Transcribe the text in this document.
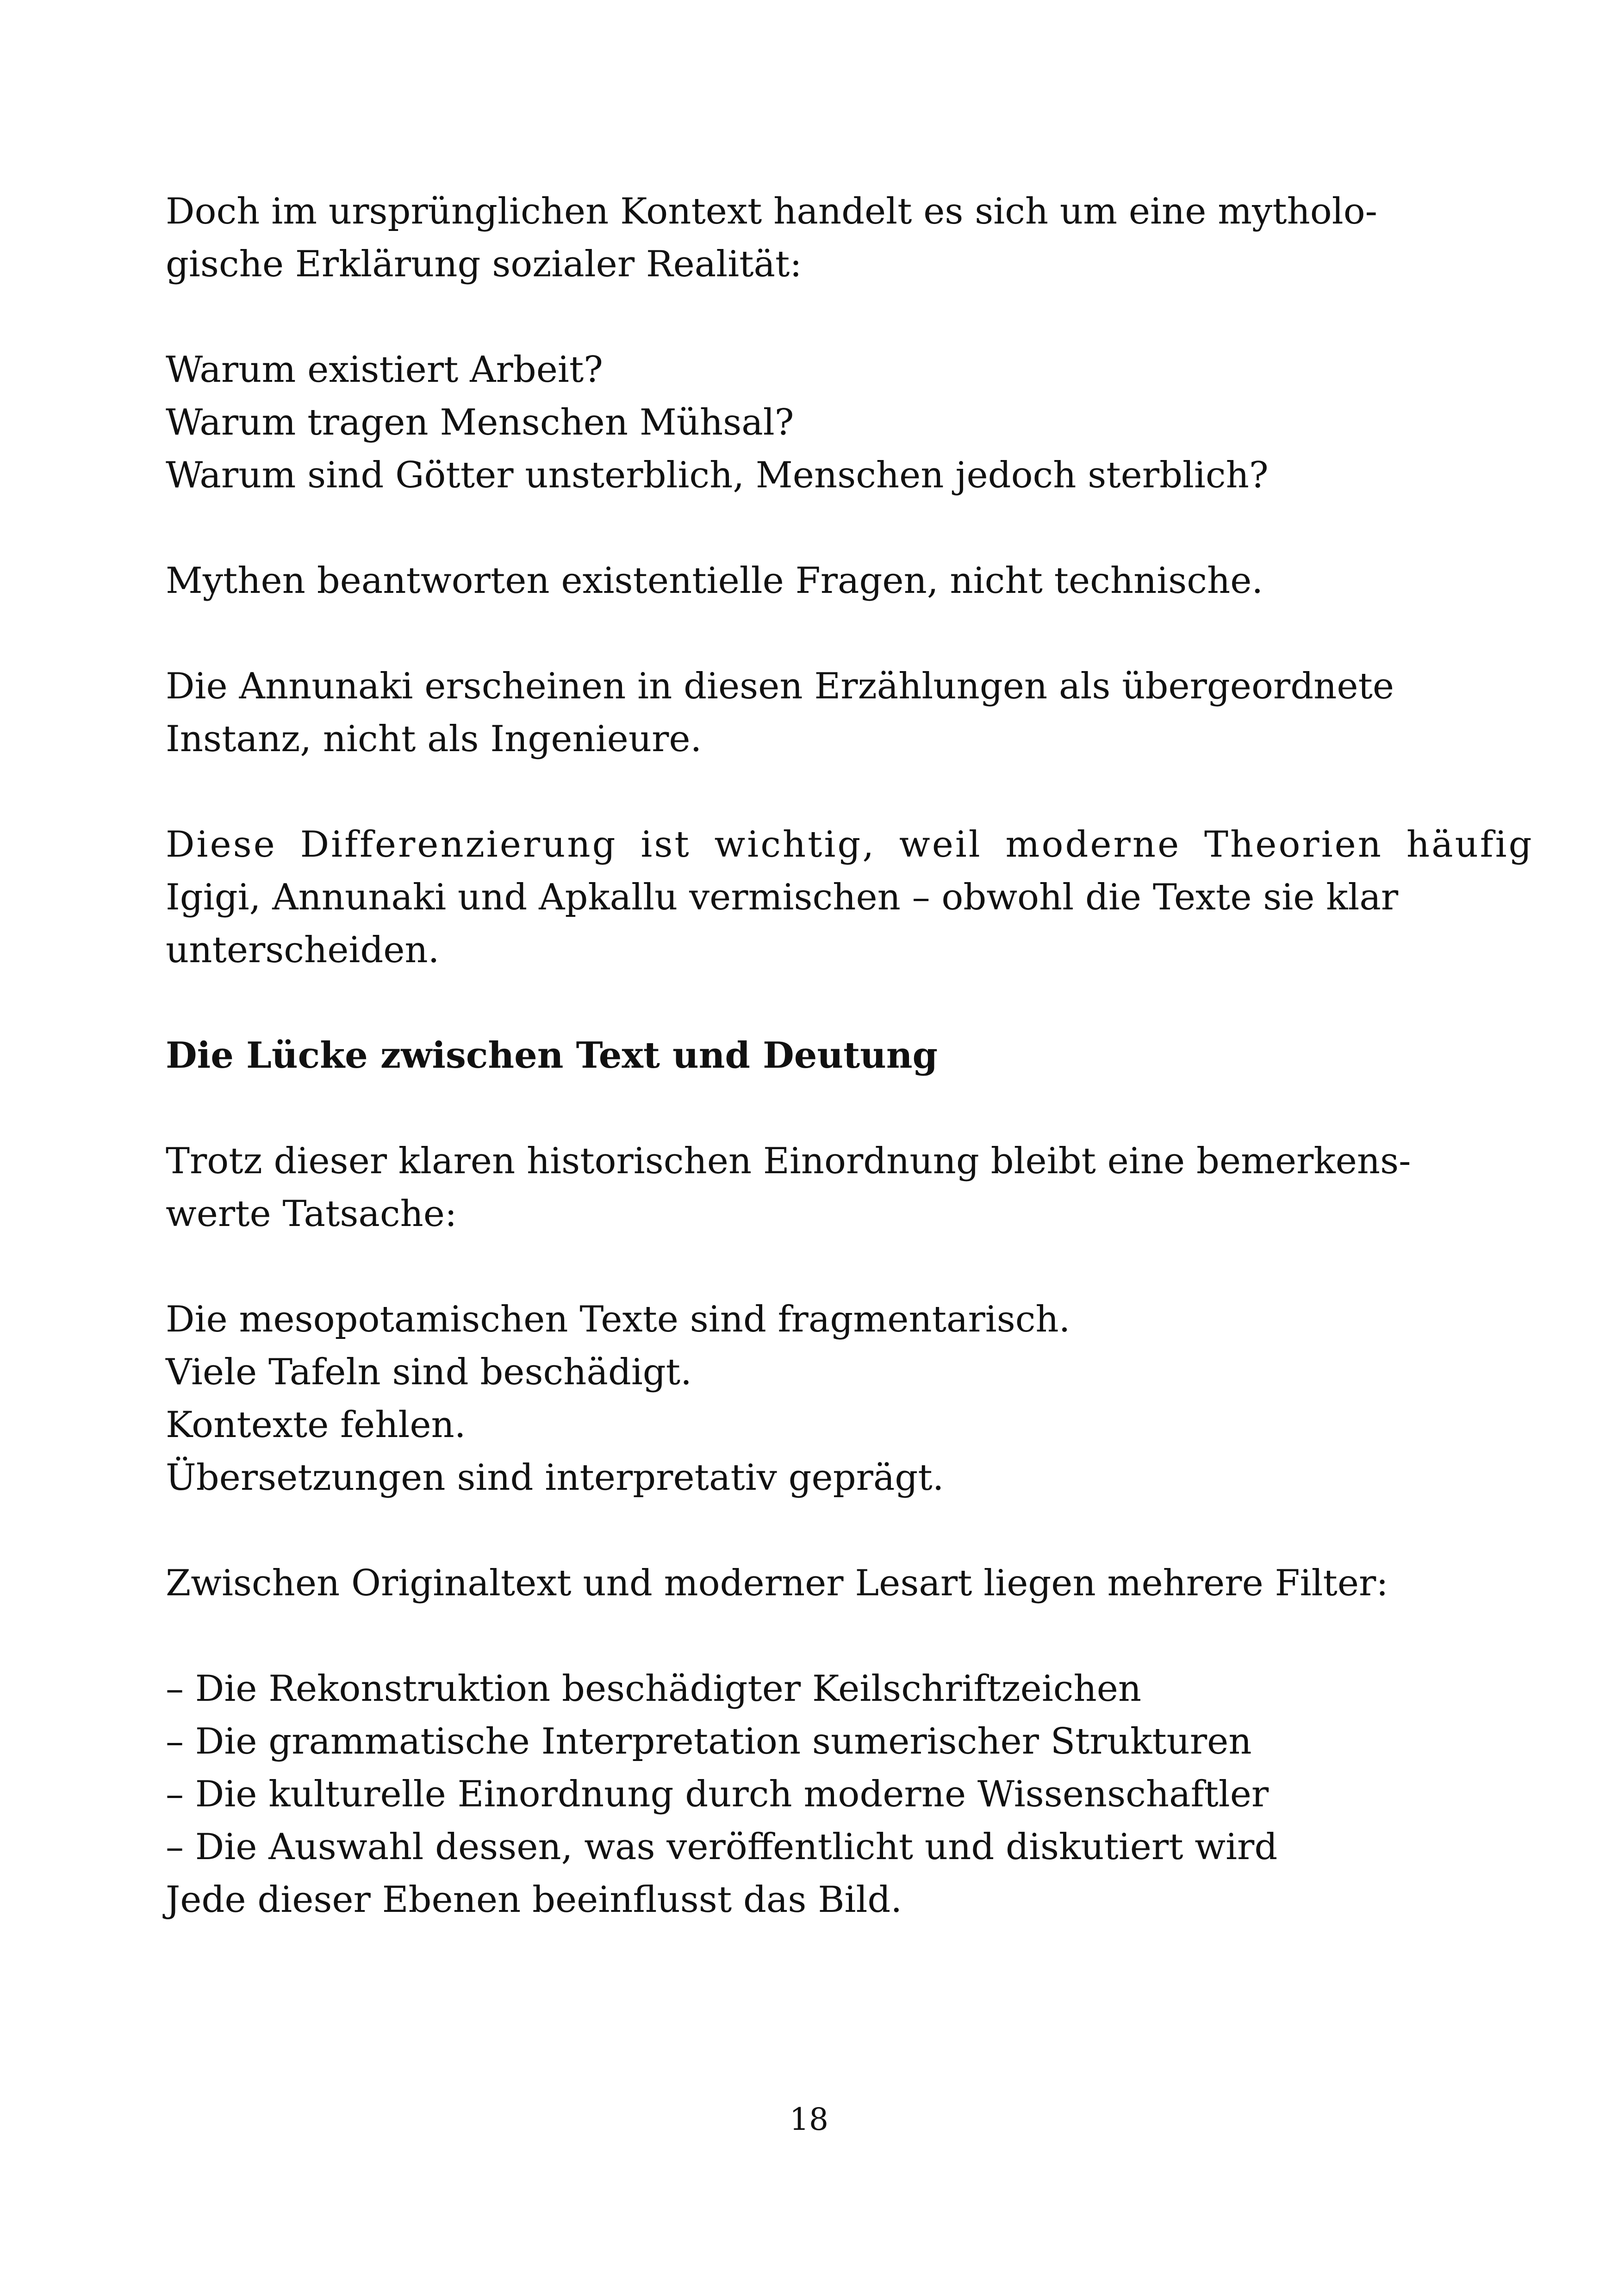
Doch im ursprünglichen Kontext handelt es sich um eine mytholo-
gische Erklärung sozialer Realität:

Warum existiert Arbeit?
Warum tragen Menschen Mühsal?
Warum sind Götter unsterblich, Menschen jedoch sterblich?

Mythen beantworten existentielle Fragen, nicht technische.

Die Annunaki erscheinen in diesen Erzählungen als übergeordnete
Instanz, nicht als Ingenieure.

Diese Differenzierung ist wichtig, weil moderne Theorien häufig
Igigi, Annunaki und Apkallu vermischen – obwohl die Texte sie klar
unterscheiden.

Die Lücke zwischen Text und Deutung

Trotz dieser klaren historischen Einordnung bleibt eine bemerkens-
werte Tatsache:

Die mesopotamischen Texte sind fragmentarisch.
Viele Tafeln sind beschädigt.
Kontexte fehlen.
Übersetzungen sind interpretativ geprägt.

Zwischen Originaltext und moderner Lesart liegen mehrere Filter:

– Die Rekonstruktion beschädigter Keilschriftzeichen
– Die grammatische Interpretation sumerischer Strukturen
– Die kulturelle Einordnung durch moderne Wissenschaftler
– Die Auswahl dessen, was veröffentlicht und diskutiert wird
Jede dieser Ebenen beeinflusst das Bild.

18
